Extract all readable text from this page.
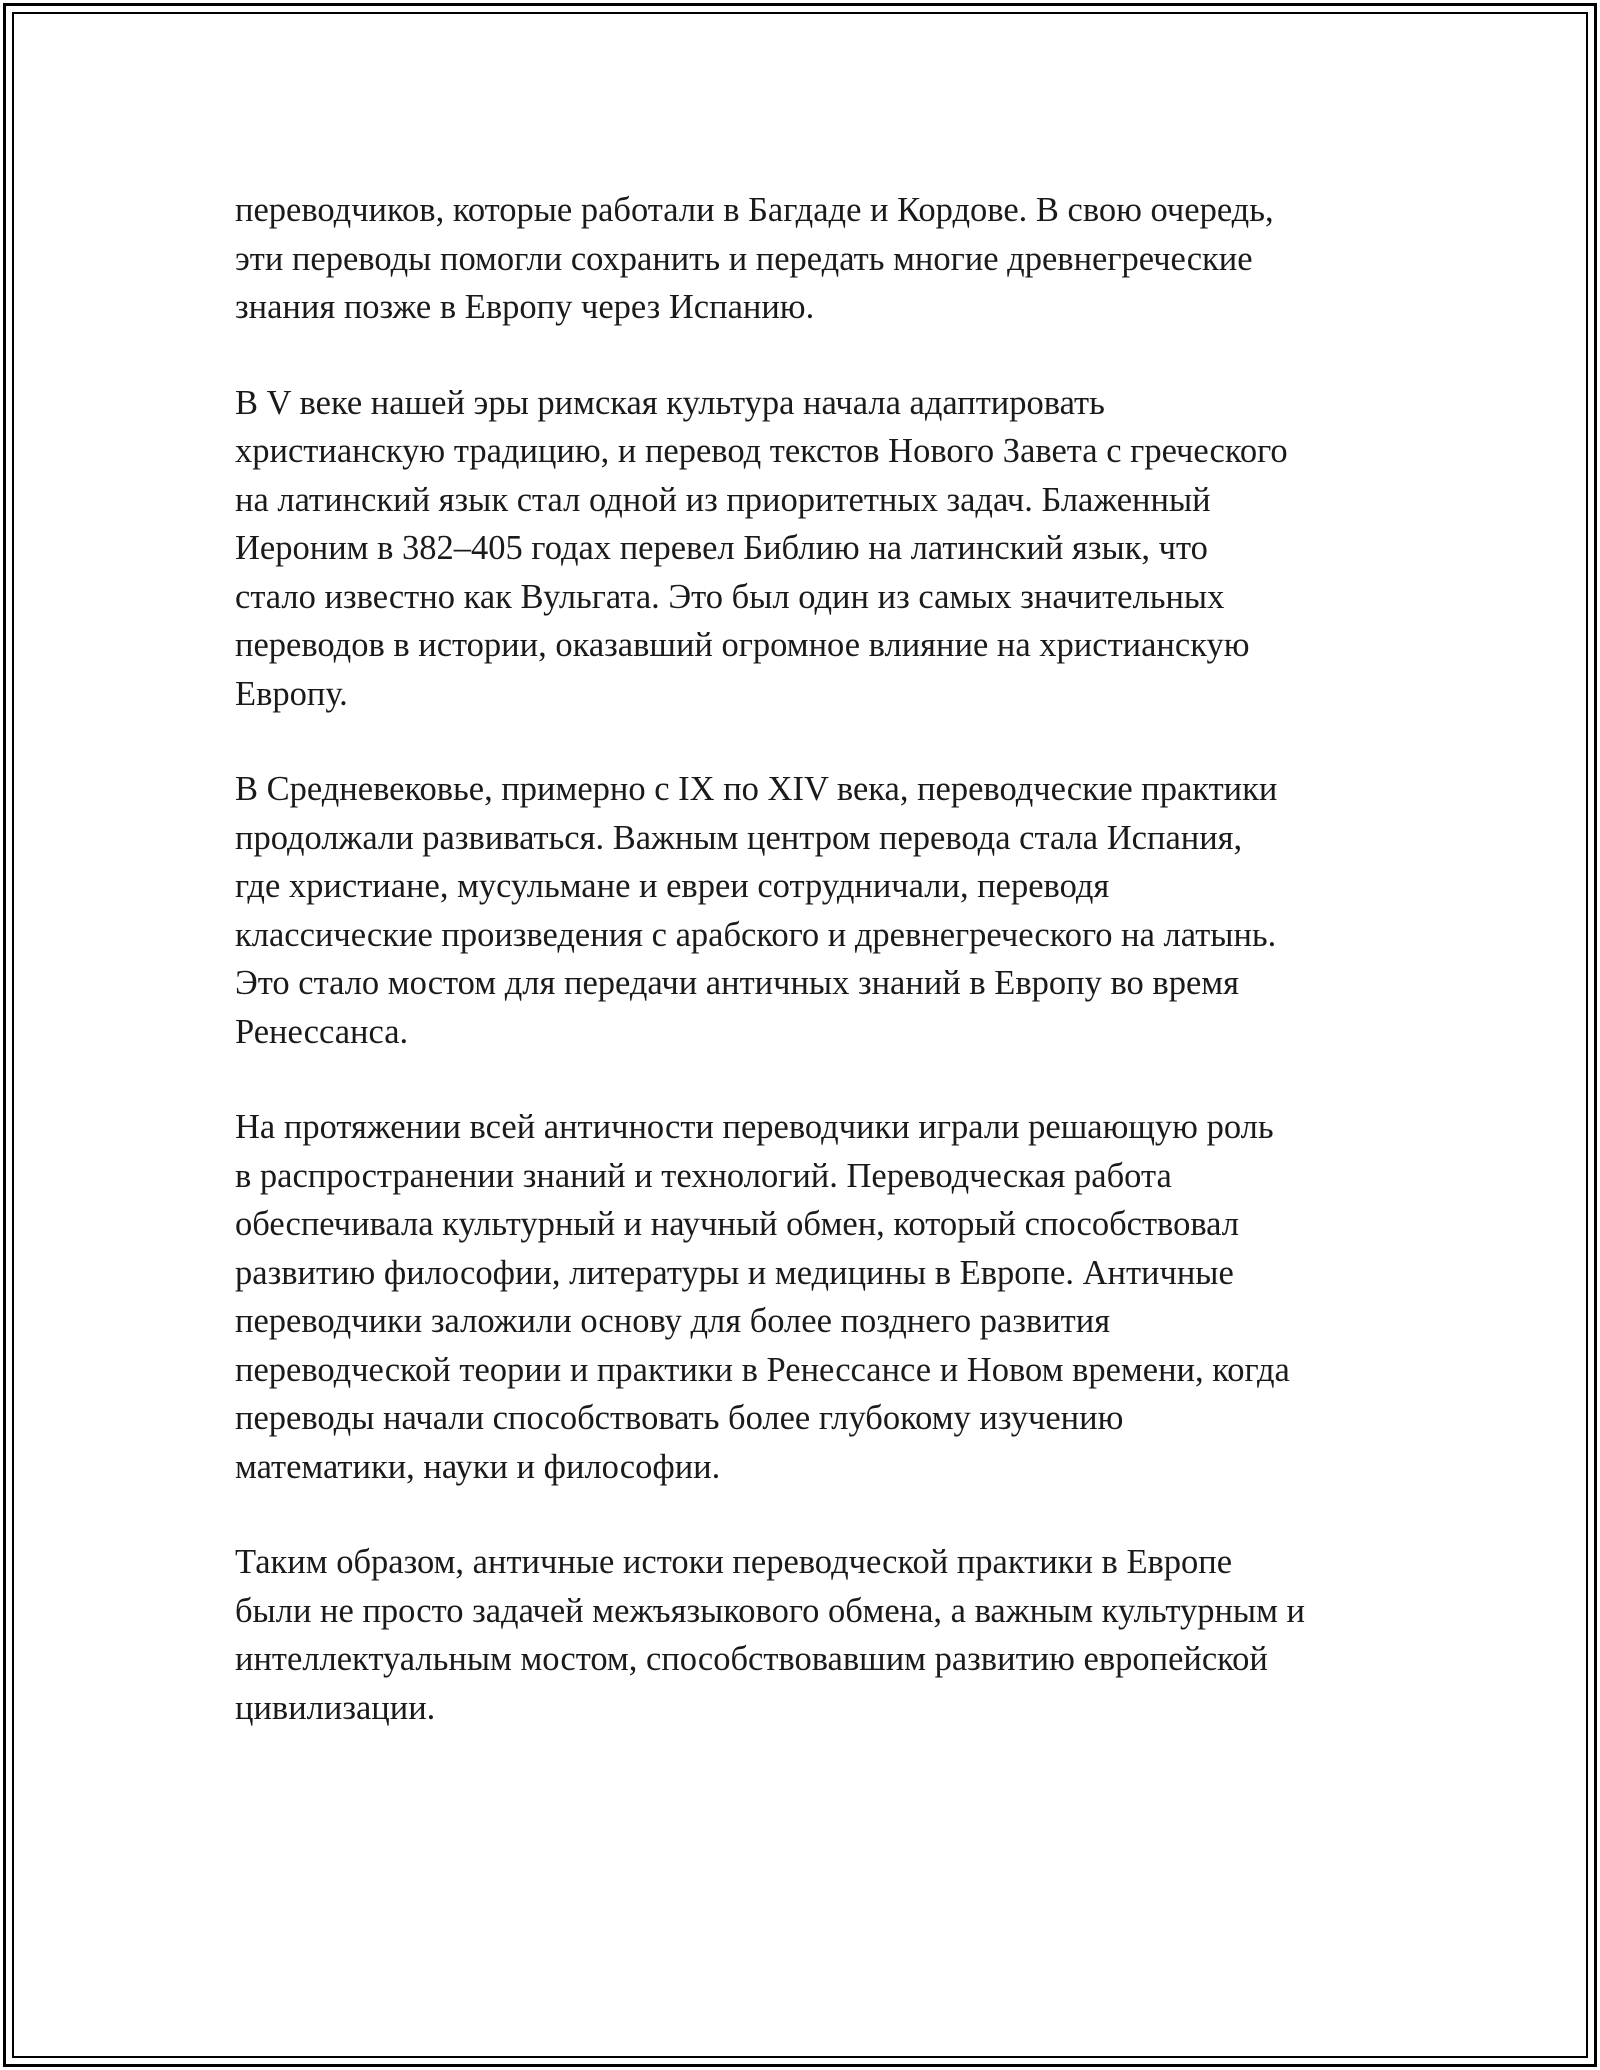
переводчиков, которые работали в Багдаде и Кордове. В свою очередь,
эти переводы помогли сохранить и передать многие древнегреческие
знания позже в Европу через Испанию.
В V веке нашей эры римская культура начала адаптировать
христианскую традицию, и перевод текстов Нового Завета с греческого
на латинский язык стал одной из приоритетных задач. Блаженный
Иероним в 382–405 годах перевел Библию на латинский язык, что
стало известно как Вульгата. Это был один из самых значительных
переводов в истории, оказавший огромное влияние на христианскую
Европу.
В Средневековье, примерно с IX по XIV века, переводческие практики
продолжали развиваться. Важным центром перевода стала Испания,
где христиане, мусульмане и евреи сотрудничали, переводя
классические произведения с арабского и древнегреческого на латынь.
Это стало мостом для передачи античных знаний в Европу во время
Ренессанса.
На протяжении всей античности переводчики играли решающую роль
в распространении знаний и технологий. Переводческая работа
обеспечивала культурный и научный обмен, который способствовал
развитию философии, литературы и медицины в Европе. Античные
переводчики заложили основу для более позднего развития
переводческой теории и практики в Ренессансе и Новом времени, когда
переводы начали способствовать более глубокому изучению
математики, науки и философии.
Таким образом, античные истоки переводческой практики в Европе
были не просто задачей межъязыкового обмена, а важным культурным и
интеллектуальным мостом, способствовавшим развитию европейской
цивилизации.
